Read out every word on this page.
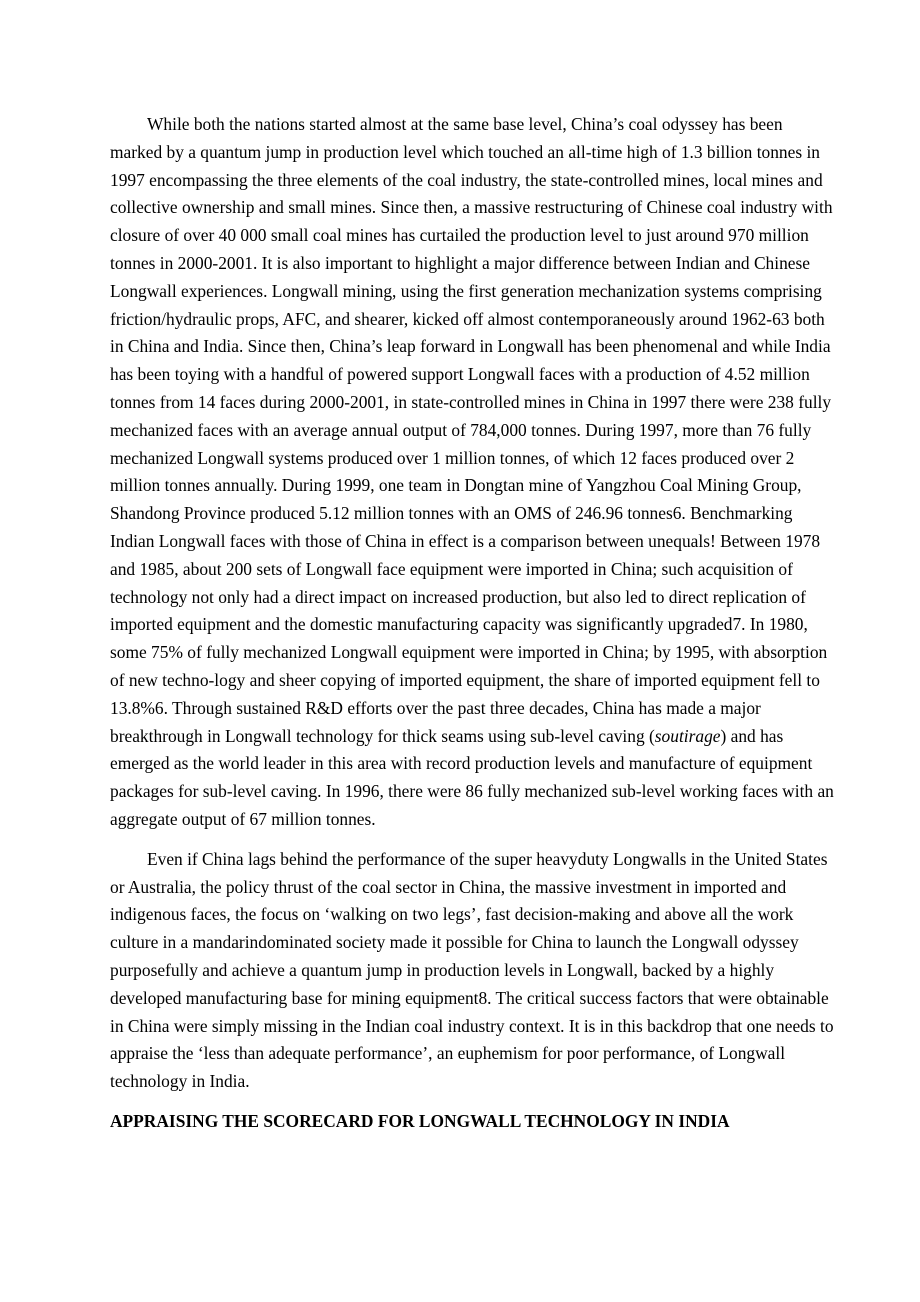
While both the nations started almost at the same base level, China’s coal odyssey has been marked by a quantum jump in production level which touched an all-time high of 1.3 billion tonnes in 1997 encompassing the three elements of the coal industry, the state-controlled mines, local mines and collective ownership and small mines. Since then, a massive restructuring of Chinese coal industry with closure of over 40 000 small coal mines has curtailed the production level to just around 970 million tonnes in 2000-2001. It is also important to highlight a major difference between Indian and Chinese Longwall experiences. Longwall mining, using the first generation mechanization systems comprising friction/hydraulic props, AFC, and shearer, kicked off almost contemporaneously around 1962-63 both in China and India. Since then, China’s leap forward in Longwall has been phenomenal and while India has been toying with a handful of powered support Longwall faces with a production of 4.52 million tonnes from 14 faces during 2000-2001, in state-controlled mines in China in 1997 there were 238 fully mechanized faces with an average annual output of 784,000 tonnes. During 1997, more than 76 fully mechanized Longwall systems produced over 1 million tonnes, of which 12 faces produced over 2 million tonnes annually. During 1999, one team in Dongtan mine of Yangzhou Coal Mining Group, Shandong Province produced 5.12 million tonnes with an OMS of 246.96 tonnes6. Benchmarking Indian Longwall faces with those of China in effect is a comparison between unequals! Between 1978 and 1985, about 200 sets of Longwall face equipment were imported in China; such acquisition of technology not only had a direct impact on increased production, but also led to direct replication of imported equipment and the domestic manufacturing capacity was significantly upgraded7. In 1980, some 75% of fully mechanized Longwall equipment were imported in China; by 1995, with absorption of new techno-logy and sheer copying of imported equipment, the share of imported equipment fell to 13.8%6. Through sustained R&D efforts over the past three decades, China has made a major breakthrough in Longwall technology for thick seams using sub-level caving (soutirage) and has emerged as the world leader in this area with record production levels and manufacture of equipment packages for sub-level caving. In 1996, there were 86 fully mechanized sub-level working faces with an aggregate output of 67 million tonnes.

Even if China lags behind the performance of the super heavyduty Longwalls in the United States or Australia, the policy thrust of the coal sector in China, the massive investment in imported and indigenous faces, the focus on ‘walking on two legs’, fast decision-making and above all the work culture in a mandarindominated society made it possible for China to launch the Longwall odyssey purposefully and achieve a quantum jump in production levels in Longwall, backed by a highly developed manufacturing base for mining equipment8. The critical success factors that were obtainable in China were simply missing in the Indian coal industry context. It is in this backdrop that one needs to appraise the ‘less than adequate performance’, an euphemism for poor performance, of Longwall technology in India.

APPRAISING THE SCORECARD FOR LONGWALL TECHNOLOGY IN INDIA
